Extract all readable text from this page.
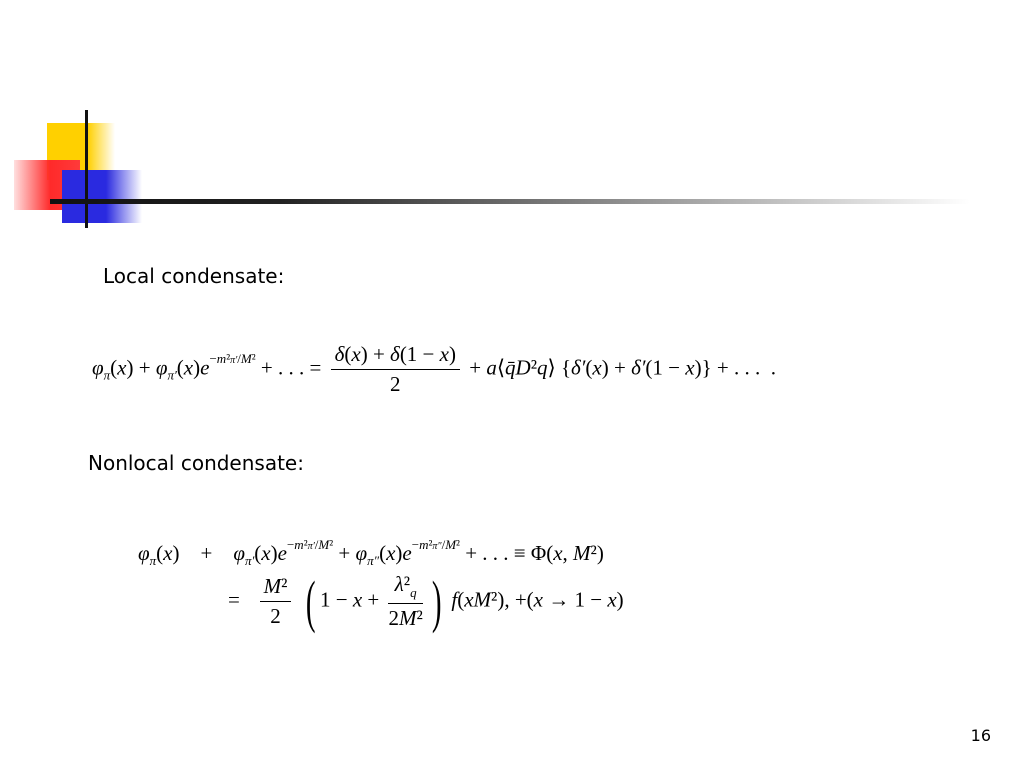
Local condensate:
$\varphi_\pi(x) + \varphi_{\pi'}(x)e^{-m^2\pi'/M^2}$ + . . . = $\frac{\delta(x) + \delta(1 - x)}{2}$ + a⟨q̄D²q⟩ {δ′(x) + δ′(1 − x)} + . . .  .
Nonlocal condensate:
$\varphi_\pi(x)$    +    $\varphi_{\pi'}(x)e^{-m^2\pi'/M^2} + \varphi_{\pi''}(x)e^{-m^2\pi''/M^2}$ + . . . ≡ Φ(x, M²)
= $\frac{\text{M²}}{2}$ ( $1 - x + \frac{\lambda^2_q}{\text{2M²}}$ ) f(xM²), +(x → 1 − x)
16
